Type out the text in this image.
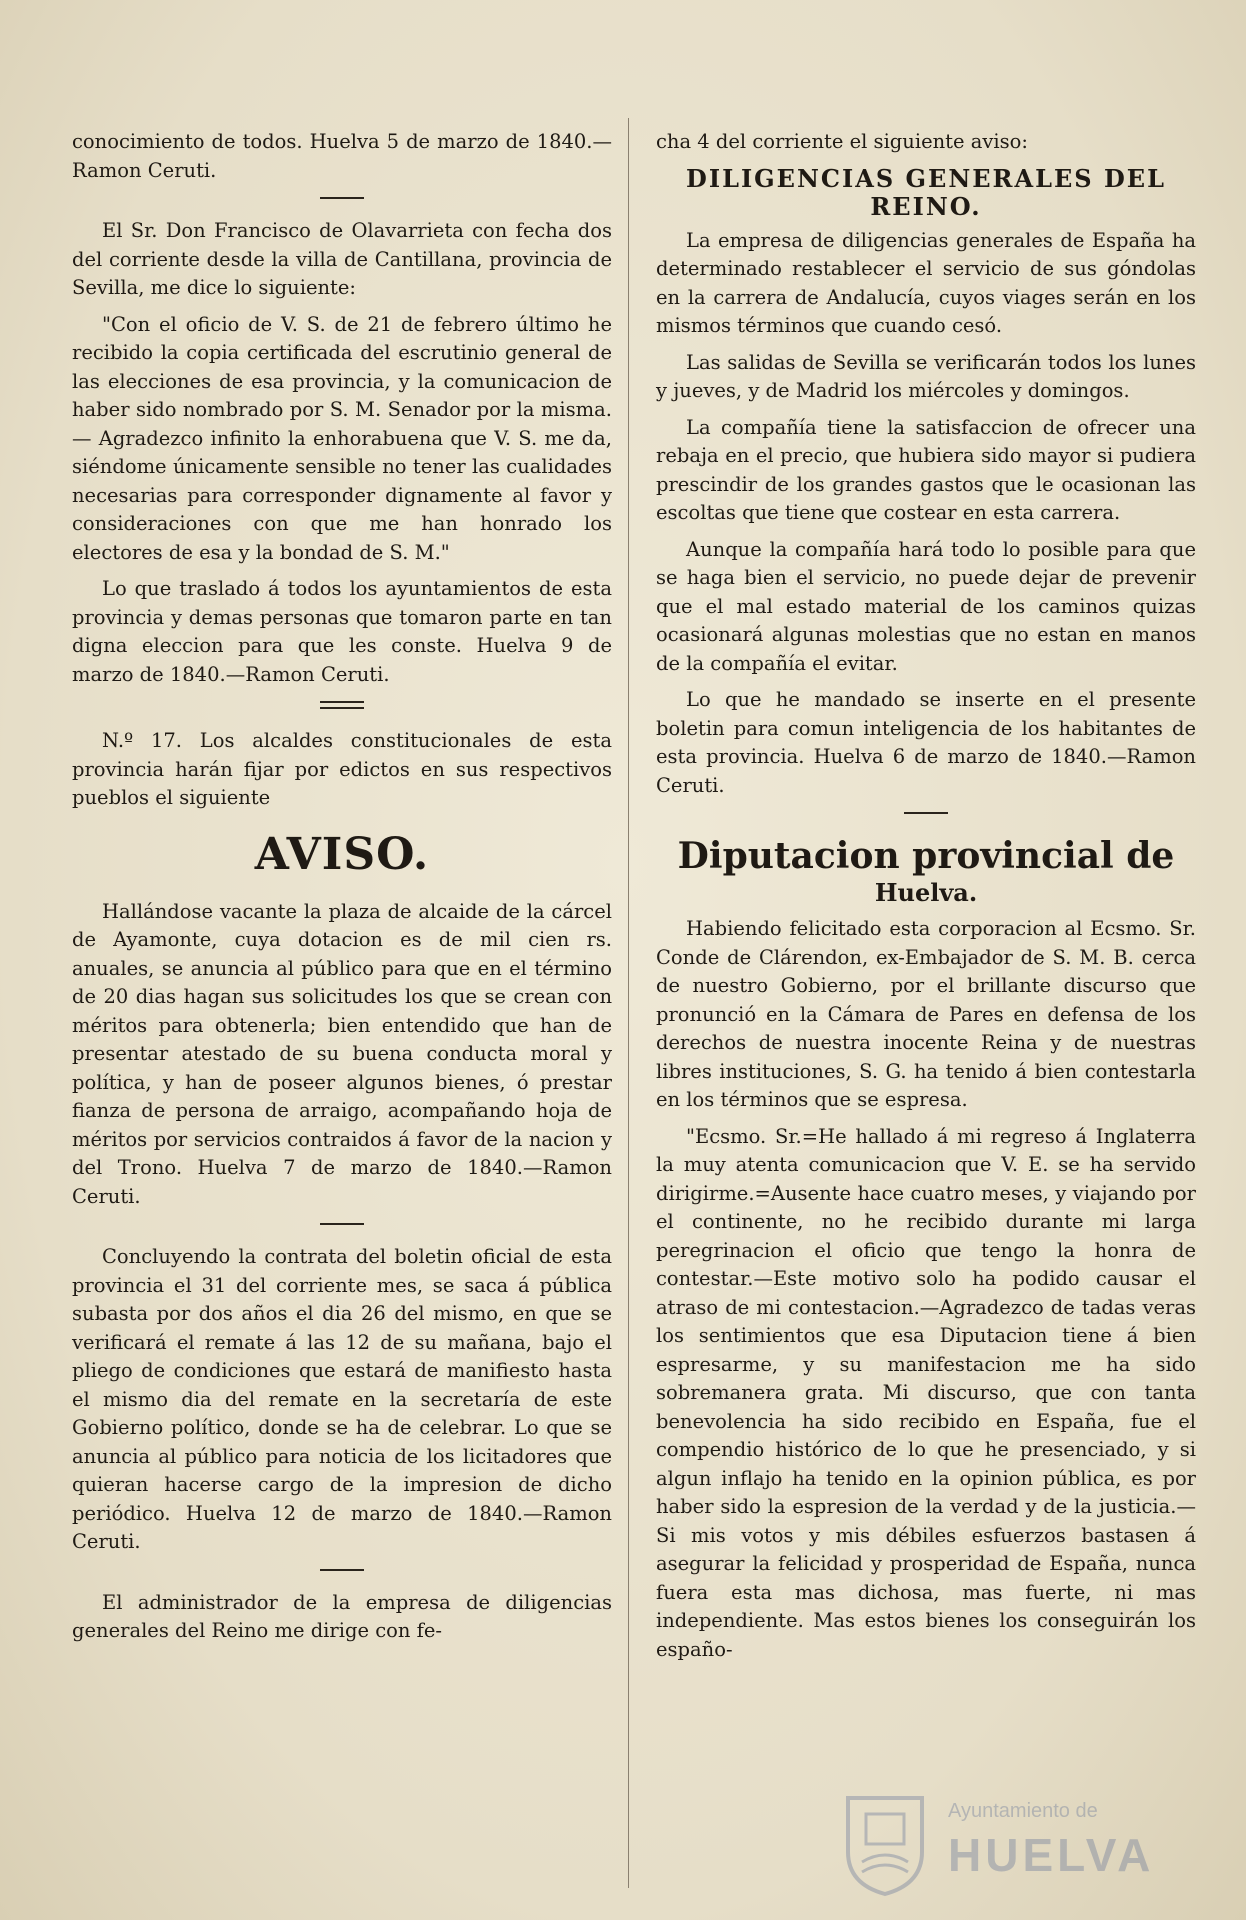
conocimiento de todos. Huelva 5 de marzo de 1840.—Ramon Ceruti.

El Sr. Don Francisco de Olavarrieta con fecha dos del corriente desde la villa de Cantillana, provincia de Sevilla, me dice lo siguiente:

"Con el oficio de V. S. de 21 de febrero último he recibido la copia certificada del escrutinio general de las elecciones de esa provincia, y la comunicacion de haber sido nombrado por S. M. Senador por la misma.— Agradezco infinito la enhorabuena que V. S. me da, siéndome únicamente sensible no tener las cualidades necesarias para corresponder dignamente al favor y consideraciones con que me han honrado los electores de esa y la bondad de S. M."

Lo que traslado á todos los ayuntamientos de esta provincia y demas personas que tomaron parte en tan digna eleccion para que les conste. Huelva 9 de marzo de 1840.—Ramon Ceruti.

N.º 17. Los alcaldes constitucionales de esta provincia harán fijar por edictos en sus respectivos pueblos el siguiente

AVISO.

Hallándose vacante la plaza de alcaide de la cárcel de Ayamonte, cuya dotacion es de mil cien rs. anuales, se anuncia al público para que en el término de 20 dias hagan sus solicitudes los que se crean con méritos para obtenerla; bien entendido que han de presentar atestado de su buena conducta moral y política, y han de poseer algunos bienes, ó prestar fianza de persona de arraigo, acompañando hoja de méritos por servicios contraidos á favor de la nacion y del Trono. Huelva 7 de marzo de 1840.—Ramon Ceruti.

Concluyendo la contrata del boletin oficial de esta provincia el 31 del corriente mes, se saca á pública subasta por dos años el dia 26 del mismo, en que se verificará el remate á las 12 de su mañana, bajo el pliego de condiciones que estará de manifiesto hasta el mismo dia del remate en la secretaría de este Gobierno político, donde se ha de celebrar. Lo que se anuncia al público para noticia de los licitadores que quieran hacerse cargo de la impresion de dicho periódico. Huelva 12 de marzo de 1840.—Ramon Ceruti.

El administrador de la empresa de diligencias generales del Reino me dirige con fe-

cha 4 del corriente el siguiente aviso:

DILIGENCIAS GENERALES DEL REINO.

La empresa de diligencias generales de España ha determinado restablecer el servicio de sus góndolas en la carrera de Andalucía, cuyos viages serán en los mismos términos que cuando cesó.

Las salidas de Sevilla se verificarán todos los lunes y jueves, y de Madrid los miércoles y domingos.

La compañía tiene la satisfaccion de ofrecer una rebaja en el precio, que hubiera sido mayor si pudiera prescindir de los grandes gastos que le ocasionan las escoltas que tiene que costear en esta carrera.

Aunque la compañía hará todo lo posible para que se haga bien el servicio, no puede dejar de prevenir que el mal estado material de los caminos quizas ocasionará algunas molestias que no estan en manos de la compañía el evitar.

Lo que he mandado se inserte en el presente boletin para comun inteligencia de los habitantes de esta provincia. Huelva 6 de marzo de 1840.—Ramon Ceruti.

Diputacion provincial de
Huelva.

Habiendo felicitado esta corporacion al Ecsmo. Sr. Conde de Clárendon, ex-Embajador de S. M. B. cerca de nuestro Gobierno, por el brillante discurso que pronunció en la Cámara de Pares en defensa de los derechos de nuestra inocente Reina y de nuestras libres instituciones, S. G. ha tenido á bien contestarla en los términos que se espresa.

"Ecsmo. Sr.=He hallado á mi regreso á Inglaterra la muy atenta comunicacion que V. E. se ha servido dirigirme.=Ausente hace cuatro meses, y viajando por el continente, no he recibido durante mi larga peregrinacion el oficio que tengo la honra de contestar.—Este motivo solo ha podido causar el atraso de mi contestacion.—Agradezco de tadas veras los sentimientos que esa Diputacion tiene á bien espresarme, y su manifestacion me ha sido sobremanera grata. Mi discurso, que con tanta benevolencia ha sido recibido en España, fue el compendio histórico de lo que he presenciado, y si algun inflajo ha tenido en la opinion pública, es por haber sido la espresion de la verdad y de la justicia.—Si mis votos y mis débiles esfuerzos bastasen á asegurar la felicidad y prosperidad de España, nunca fuera esta mas dichosa, mas fuerte, ni mas independiente. Mas estos bienes los conseguirán los españo-

Ayuntamiento de
HUELVA
